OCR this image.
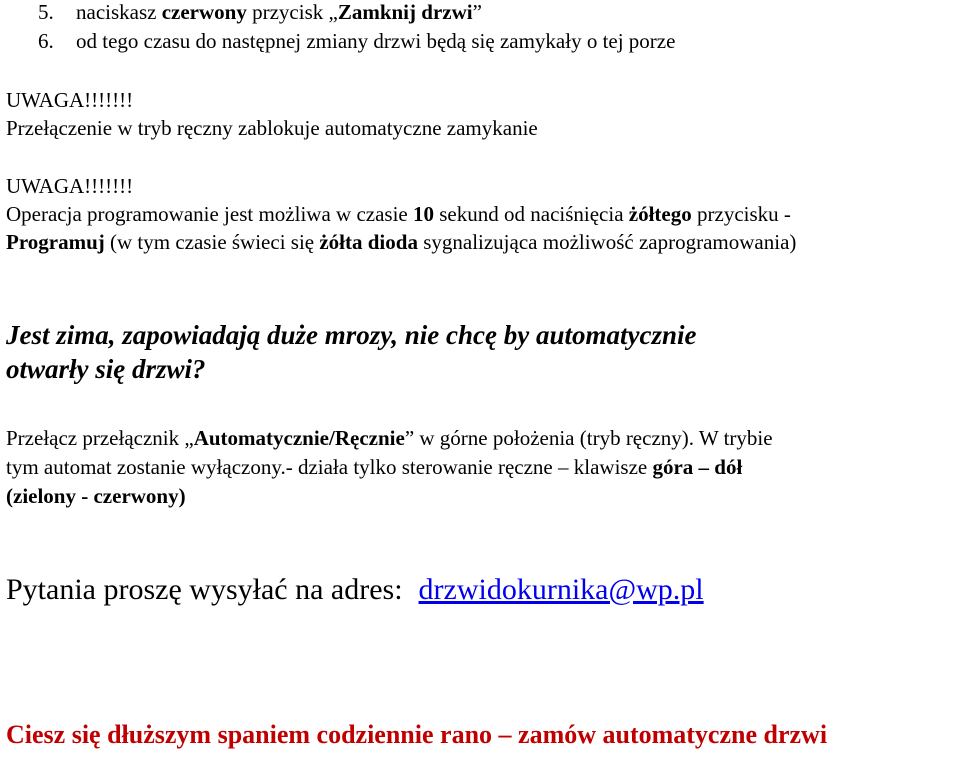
5. naciskasz czerwony przycisk „Zamknij drzwi”
6. od tego czasu do następnej zmiany drzwi będą się zamykały o tej porze
UWAGA!!!!!!!
Przełączenie w tryb ręczny zablokuje automatyczne zamykanie
UWAGA!!!!!!!
Operacja programowanie jest możliwa w czasie 10 sekund od naciśnięcia żółtego przycisku -
Programuj (w tym czasie świeci się żółta dioda sygnalizująca możliwość zaprogramowania)
Jest zima, zapowiadają duże mrozy, nie chcę by automatycznie
otwarły się drzwi?
Przełącz przełącznik „Automatycznie/Ręcznie” w górne położenia (tryb ręczny). W trybie
tym automat zostanie wyłączony.- działa tylko sterowanie ręczne – klawisze góra – dół
(zielony - czerwony)
Pytania proszę wysyłać na adres: drzwidokurnika@wp.pl
Ciesz się dłuższym spaniem codziennie rano – zamów automatyczne drzwi
